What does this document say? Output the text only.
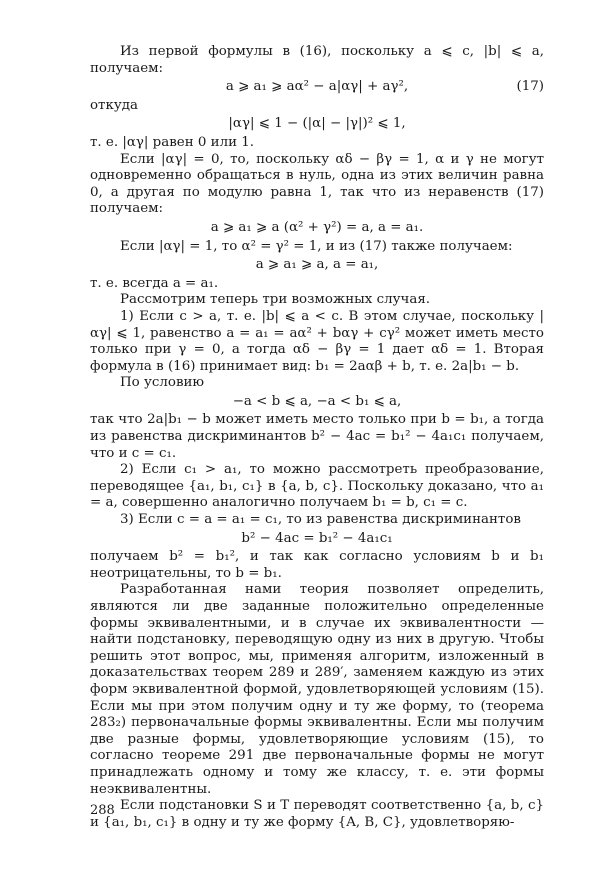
Из первой формулы в (16), поскольку a ⩽ c, |b| ⩽ a, получаем:
a ⩾ a₁ ⩾ aα² − a|αγ| + aγ²,	(17)
откуда
|αγ| ⩽ 1 − (|α| − |γ|)² ⩽ 1,
т. е. |αγ| равен 0 или 1.
Если |αγ| = 0, то, поскольку αδ − βγ = 1, α и γ не могут одновременно обращаться в нуль, одна из этих величин равна 0, а другая по модулю равна 1, так что из неравенств (17) получаем:
a ⩾ a₁ ⩾ a (α² + γ²) = a, a = a₁.
Если |αγ| = 1, то α² = γ² = 1, и из (17) также получаем:
a ⩾ a₁ ⩾ a, a = a₁,
т. е. всегда a = a₁.
Рассмотрим теперь три возможных случая.
1) Если c > a, т. е. |b| ⩽ a < c. В этом случае, поскольку |αγ| ⩽ 1, равенство a = a₁ = aα² + bαγ + cγ² может иметь место только при γ = 0, а тогда αδ − βγ = 1 дает αδ = 1. Вторая формула в (16) принимает вид: b₁ = 2aαβ + b, т. е. 2a|b₁ − b.
По условию
−a < b ⩽ a, −a < b₁ ⩽ a,
так что 2a|b₁ − b может иметь место только при b = b₁, а тогда из равенства дискриминантов b² − 4ac = b₁² − 4a₁c₁ получаем, что и c = c₁.
2) Если c₁ > a₁, то можно рассмотреть преобразование, переводящее {a₁, b₁, c₁} в {a, b, c}. Поскольку доказано, что a₁ = a, совершенно аналогично получаем b₁ = b, c₁ = c.
3) Если c = a = a₁ = c₁, то из равенства дискриминантов
b² − 4ac = b₁² − 4a₁c₁
получаем b² = b₁², и так как согласно условиям b и b₁ неотрицательны, то b = b₁.
Разработанная нами теория позволяет определить, являются ли две заданные положительно определенные формы эквивалентными, и в случае их эквивалентности — найти подстановку, переводящую одну из них в другую. Чтобы решить этот вопрос, мы, применяя алгоритм, изложенный в доказательствах теорем 289 и 289′, заменяем каждую из этих форм эквивалентной формой, удовлетворяющей условиям (15). Если мы при этом получим одну и ту же форму, то (теорема 283₂) первоначальные формы эквивалентны. Если мы получим две разные формы, удовлетворяющие условиям (15), то согласно теореме 291 две первоначальные формы не могут принадлежать одному и тому же классу, т. е. эти формы неэквивалентны.
Если подстановки S и T переводят соответственно {a, b, c} и {a₁, b₁, c₁} в одну и ту же форму {A, B, C}, удовлетворяю-
288
